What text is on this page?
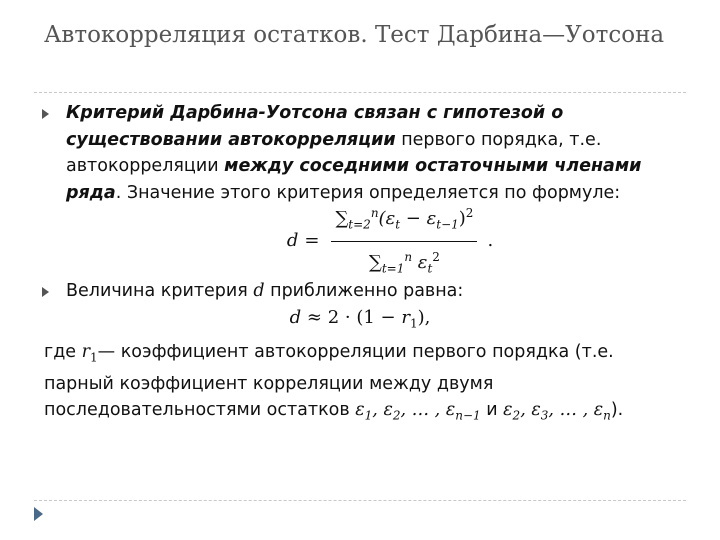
Автокорреляция остатков. Тест Дарбина—Уотсона

Критерий Дарбина-Уотсона связан с гипотезой о существовании автокорреляции первого порядка, т.е. автокорреляции между соседними остаточными членами ряда. Значение этого критерия определяется по формуле:

$d = \frac{\sum_{t=2}^n(\varepsilon_t - \varepsilon_{t-1})^2}{\sum_{t=1}^n \varepsilon_t^2}$ .

Величина критерия d приближенно равна:

$d \approx 2 \cdot (1 - r_1)$,

где $r_1—$ коэффициент автокорреляции первого порядка (т.е. парный коэффициент корреляции между двумя последовательностями остатков $\varepsilon_1$, $\varepsilon_2$, … , $\varepsilon_{n-1}$ и $\varepsilon_2$, $\varepsilon_3$, … , $\varepsilon_n$).
